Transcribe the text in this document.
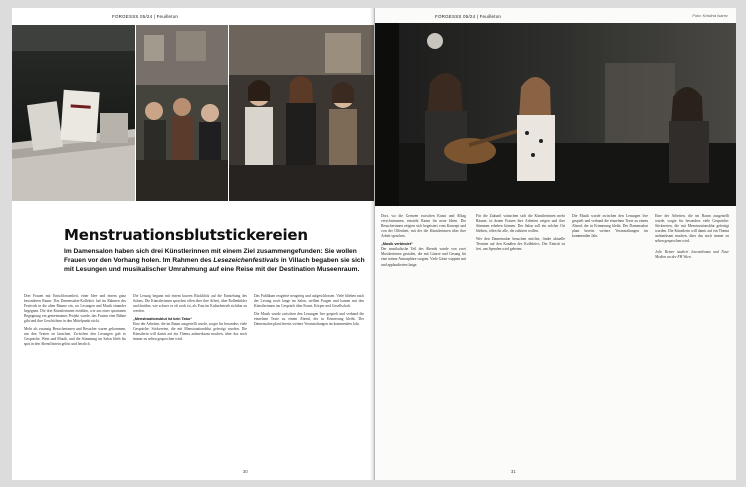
FORGESSS 05/24 | Feuilleton
Menstruationsblutstickereien
Im Damensalon haben sich drei Künstlerinnen mit einem Ziel zusammengefunden: Sie wollen Frauen vor den Vorhang holen. Im Rahmen des Lesezeichenfestivals in Villach begaben sie sich mit Lesungen und musikalischer Umrahmung auf eine Reise mit der Destination Museenraum.

Drei Frauen mit Entschlossenheit, einer Idee und einem ganz besonderen Raum: Das Damensalon-Kollektiv lud im Rahmen des Festivals in die alten Räume ein, wo Lesungen und Musik einander begegnen. Die drei Künstlerinnen erzählen, wie aus einer spontanen Begegnung ein gemeinsames Projekt wurde, das Frauen eine Bühne gibt und ihre Geschichten in den Mittelpunkt rückt.

Mehr als zwanzig Besucherinnen und Besucher waren gekommen, um den Texten zu lauschen. Zwischen den Lesungen gab es Gespräche, Wein und Musik, und die Stimmung im Salon blieb bis spät in den Abend hinein gelöst und herzlich.

Die Lesung begann mit einem kurzen Rückblick auf die Entstehung des Salons. Die Künstlerinnen sprachen offen über ihre Arbeit, über Rollenbilder und darüber, wie schwer es oft noch ist, als Frau im Kulturbetrieb sichtbar zu werden.

„Menstruationsblut ist kein Tabu“

Eine der Arbeiten, die im Raum ausgestellt wurde, sorgte für besonders viele Gespräche: Stickereien, die mit Menstruationsblut gefertigt wurden. Die Künstlerin will damit auf ein Thema aufmerksam machen, über das noch immer zu selten gesprochen wird.

Das Publikum reagierte neugierig und aufgeschlossen. Viele blieben nach der Lesung noch lange im Salon, stellten Fragen und kamen mit den Künstlerinnen ins Gespräch über Kunst, Körper und Gesellschaft.

Die Musik wurde zwischen den Lesungen live gespielt und verband die einzelnen Texte zu einem Abend, der in Erinnerung bleibt. Der Damensalon plant bereits weitere Veranstaltungen im kommenden Jahr.

30
FORGESSS 05/24 | Feuilleton	Foto: Kristina Isarnc

Dort, wo die Grenzen zwischen Kunst und Alltag verschwimmen, entsteht Raum für neue Ideen. Die Besucherinnen zeigten sich begeistert vom Konzept und von der Offenheit, mit der die Künstlerinnen über ihre Arbeit sprachen.

„Musik verbindet“

Der musikalische Teil des Abends wurde von zwei Musikerinnen gestaltet, die mit Gitarre und Gesang für eine intime Atmosphäre sorgten. Viele Gäste wippten mit und applaudierten lange.

Für die Zukunft wünschen sich die Künstlerinnen mehr Räume, in denen Frauen ihre Arbeiten zeigen und ihre Stimmen erheben können. Der Salon soll ein solcher Ort bleiben, offen für alle, die zuhören wollen.

Wer den Damensalon besuchen möchte, findet aktuelle Termine auf den Kanälen des Kollektivs. Der Eintritt ist frei, um Spenden wird gebeten.

Die Musik wurde zwischen den Lesungen live gespielt und verband die einzelnen Texte zu einem Abend, der in Erinnerung bleibt. Der Damensalon plant bereits weitere Veranstaltungen im kommenden Jahr.

Eine der Arbeiten, die im Raum ausgestellt wurde, sorgte für besonders viele Gespräche: Stickereien, die mit Menstruationsblut gefertigt wurden. Die Künstlerin will damit auf ein Thema aufmerksam machen, über das noch immer zu selten gesprochen wird.

Jolie Reiner studiert Journalismus und Neue Medien an der FH Wien.

31
